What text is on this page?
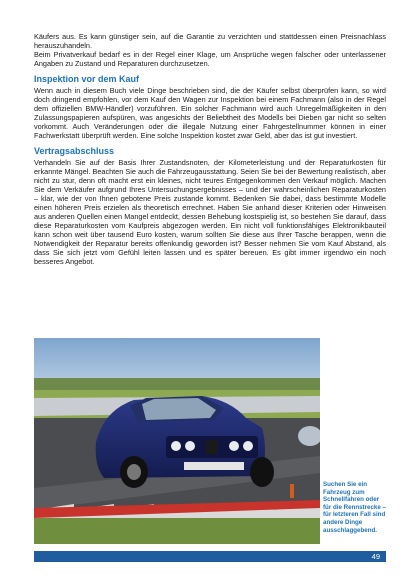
Käufers aus. Es kann günstiger sein, auf die Garantie zu verzichten und stattdessen einen Preisnachlass herauszuhandeln.

Beim Privatverkauf bedarf es in der Regel einer Klage, um Ansprüche wegen falscher oder unterlassener Angaben zu Zustand und Reparaturen durchzusetzen.

Inspektion vor dem Kauf

Wenn auch in diesem Buch viele Dinge beschrieben sind, die der Käufer selbst überprüfen kann, so wird doch dringend empfohlen, vor dem Kauf den Wagen zur Inspektion bei einem Fachmann (also in der Regel dem offiziellen BMW-Händler) vorzuführen. Ein solcher Fachmann wird auch Unregelmäßigkeiten in den Zulassungspapieren aufspüren, was angesichts der Beliebtheit des Modells bei Dieben gar nicht so selten vorkommt. Auch Veränderungen oder die illegale Nutzung einer Fahrgestellnummer können in einer Fachwerkstatt überprüft werden. Eine solche Inspektion kostet zwar Geld, aber das ist gut investiert.

Vertragsabschluss

Verhandeln Sie auf der Basis Ihrer Zustandsnoten, der Kilometerleistung und der Reparaturkosten für erkannte Mängel. Beachten Sie auch die Fahrzeugausstattung. Seien Sie bei der Bewertung realistisch, aber nicht zu stur, denn oft macht erst ein kleines, nicht teures Entgegenkommen den Verkauf möglich. Machen Sie dem Verkäufer aufgrund Ihres Untersuchungsergebnisses – und der wahrscheinlichen Reparaturkosten – klar, wie der von Ihnen gebotene Preis zustande kommt. Bedenken Sie dabei, dass bestimmte Modelle einen höheren Preis erzielen als theoretisch errechnet. Haben Sie anhand dieser Kriterien oder Hinweisen aus anderen Quellen einen Mangel entdeckt, dessen Behebung kostspielig ist, so bestehen Sie darauf, dass diese Reparaturkosten vom Kaufpreis abgezogen werden. Ein nicht voll funktionsfähiges Elektronikbauteil kann schon weit über tausend Euro kosten, warum sollten Sie diese aus Ihrer Tasche berappen, wenn die Notwendigkeit der Reparatur bereits offenkundig geworden ist? Besser nehmen Sie vom Kauf Abstand, als dass Sie sich jetzt vom Gefühl leiten lassen und es später bereuen. Es gibt immer irgendwo ein noch besseres Angebot.

Suchen Sie ein Fahrzeug zum Schnellfahren oder für die Rennstrecke – für letzteren Fall sind andere Dinge ausschlaggebend.
49
